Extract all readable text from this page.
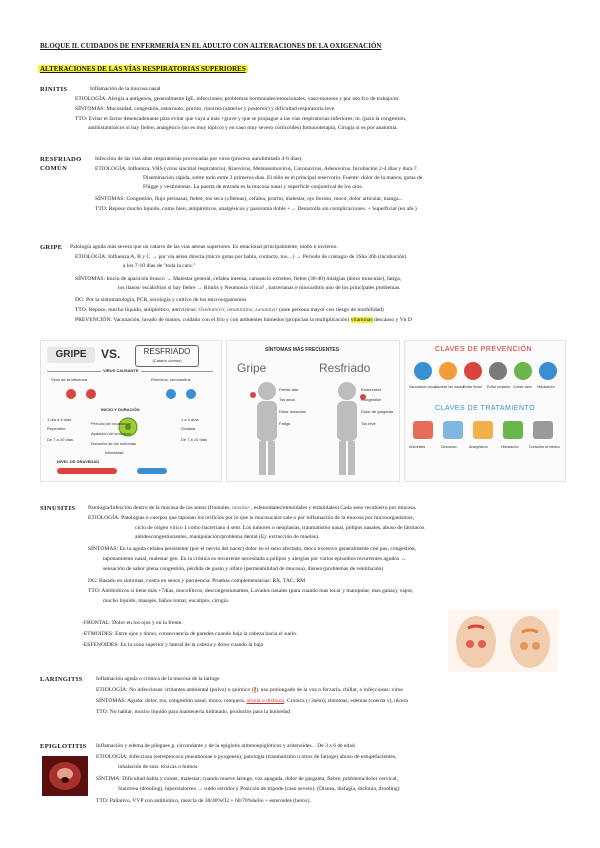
BLOQUE II. CUIDADOS DE ENFERMERÍA EN EL ADULTO CON ALTERACIONES DE LA OXIGENACIÓN
ALTERACIONES DE LAS VÍAS RESPIRATORIAS SUPERIORES
RINITIS	Inflamación de la mucosa nasal
ETIOLOGÍA: Alergia a antígenos, generalmente IgE, infecciones, problemas hormonales/emocionales, vaso-motores y por uso fco de trabajo/m.
SÍNTOMAS: Mucosidad, congestión, estornudo, prurito, rinorrea (anterior y posterior) y dificultad respiratoria leve
TTO: Evitar el factor desencadenante para evitar que vaya a más +grave y que se propague a las vías respiratorias inferiores; m. (para la congestión,
antihistamínicos si hay fiebre, analgésico (no es muy tópico) y en caso muy severo corticoides) Inmunoterapia, Cirugía si es por anatomía.
RESFRIADO
COMÚN
Infección de las vías altas respiratorias provocadas por virus (proceso autolimitado 4-6 días).
ETIOLOGÍA: Influenza, VRS (virus sincitial respiratorio), Rinovirus, Metaneumovirus, Coronavirus, Adenovirus. Incubación 2-4 días y dura 7.
Diseminación rápida, sobre todo entre 3 primeros días. El niño es el principal reservorio. Fuente: dolor de la manos, gotas de
Flügge y vestimentas. La puerta de entrada es la mucosa nasal y superficie conjuntival de los ojos.
SÍNTOMAS: Congestión, flujo perinasal, fiebre, tos seca (±flemas), cefalea, prurito, malestar, ojo lloroso, moco, dolor articular, manga...
TTO: Reposo mucho líquido, como bien, antipiréticos, analgésicos y pasoruma doble +→ Desarrolla sin complicaciones. + Superficial (en afe.)
GRIPE Patología aguda más severa que un catarro de las vías aéreas superiores. Es estacional principalmente, otoño e invierno.
ETIOLOGÍA: Influenza A, B y C → por vía aérea directa (micro gotas por habla, contacto, tos....) → Periodo de contagio de 1Sha 36h (incubación)
a los 7-10 días de "toda la cara."
SÍNTOMAS: Inicio de aparición brusco → Malestar general, cefalea intensa, cansancio extremo, fiebre (38-40) mialgias (dolor muscular), fatiga,
tos llanos/ escalofríos si hay fiebre → Rinitis y Neumonía vírica? , bacterianas e miocarditis uno de los principales problemas.
DG: Por la sintomatología, PCR, serología y cultivo de los microorganismos
TTO: Reposo, mucho líquido, antipirético, antivíricos: Oseltamivir, amantidina, zanamivir (ante persona mayor con riesgo de morbilidad)
PREVENCIÓN: Vacunación, lavado de manos, cuidado con el frío y con ambientes húmedos (propician la multiplicación) vitaminas descanso y Vit D
GRIPE	VS.	RESFRIADO
(Catarro común)
VIRUS CAUSANTE
Virus de la influenza	Rinovirus, coronavirus
INICIO Y DURACIÓN
1 día a 4 días
Período de incubación
1 a 3 días
Repentino
Aparición de síntomas
Gradual
De 7 a 10 días
Duración de los síntomas
De 7 a 10 días
Intensidad
NIVEL DE GRAVEDAD
SÍNTOMAS MÁS FRECUENTES
Gripe	Resfriado
Fiebre alta
Tos seca
Dolor muscular
Fatiga
Estornudos
Congestión
Dolor de garganta
Tos leve
CLAVES DE PREVENCIÓN
Vacunación anual
Lavarse las manos
Evitar fumar Evitar contacto Comer sano Hidratación
CLAVES DE TRATAMIENTO
Antivirales	Descanso	Analgésicos	Hidratación	Consultar al médico
SINUSITIS Patología/Infección dentro de la mucosa de los senos (frontales, maxilar , esfenoidales/etmoidales y etmoidales) Cada seno recubierto por mucosa.
ETIOLOGÍA: Patologías o cuerpos que taponan los orificios por lo que la mucosa/aire sale o por inflamación de la mucosa por microorganismos,
ciclo de origen vírico 1 como bacteriano 4 sem. Los tumores o neoplasias, traumatismo nasal, pólipos nasales, abuso de fármacos
antidescongestionantes, manipulación/problema dental (Ej: extracción de muelas).
SÍNTOMAS: En la aguda cefalea persistente (por el nervio del nacer) dolor en el seno afectado, moco excesivo generalmente con pus, congestión,
taponamiento nasal, malestar gen. En la crónica es recurrente necesitada a pólipos y alergias por varios episodios recurrentes agudos →
sensación de sabor plena congestión, pérdida de gusto y olfato (permeabilidad de mucosa), disnea (problemas de ventilación)
DG: Basado en síntomas, costra en senos y purulencia. Pruebas complementarias: RX, TAC, RM
TTO: Antibióticos si tiene más +7días, mucolíticos, descongestionantes, Lavados nasales (para cuando mas tocar y manipular, mas ganas), vapor,
mucho líquido, masajes, baños tomar, eucalipto, cirugía.
-FRONTAL: Dolor en los ojos y en la frente.
-ETMOIDES: Entre ojos y dorso, consecuencia de paredes cuando baja la cabeza hacia el suelo.
-ESFENOIDES: En la zona superior y lateral de la cabeza y dolor cuando la baja
LARINGITIS Inflamación aguda o crónica de la mucosa de la laringe
ETIOLOGÍA: No infecciosas: irritantes ambiental (polvo) o químico (?), uso prolongado de la voz o forzarla, chillar, o infecciosas: virus
SÍNTOMAS: Aguda: dolor, tos, congestión nasal, moco, ronquera, afonía o disfonía. Crónica (+3sem); síntomas, edemas (cuerda v), ulcera
TTO: No hablar, mucho líquido para mantenerla hidratado, productos para la humedad
EPIGLOTITIS Inflamación y edema de pliegues g. circundante y de la epiglotis aritenoepiglóticos y aritenoides. . De 3 a 6 de edad
ETIOLOGÍA: Infecciosa (estreptococo pneumoniae o pyogenes), patología (traumatismo u otros de faringe) abuso de estupefacientes,
inhalación de sust. tóxicas o humos.
SÍNTIMA: Dificultad habla y comer, malestar; cuando mueve laringe, voz apagada, dolor de garganta, fiebre, problema/dolor cervical,
Sialorrea (drooling), hipersialorrea → ruido estridor y Posición de trípode (caso severo). (Disnea, disfagia, disfonía, drooling)
TTO: Paliativo, VVP con antibiótico, mezcla de 30/40%O2 + 60/70%helio + esteroides (helox).
